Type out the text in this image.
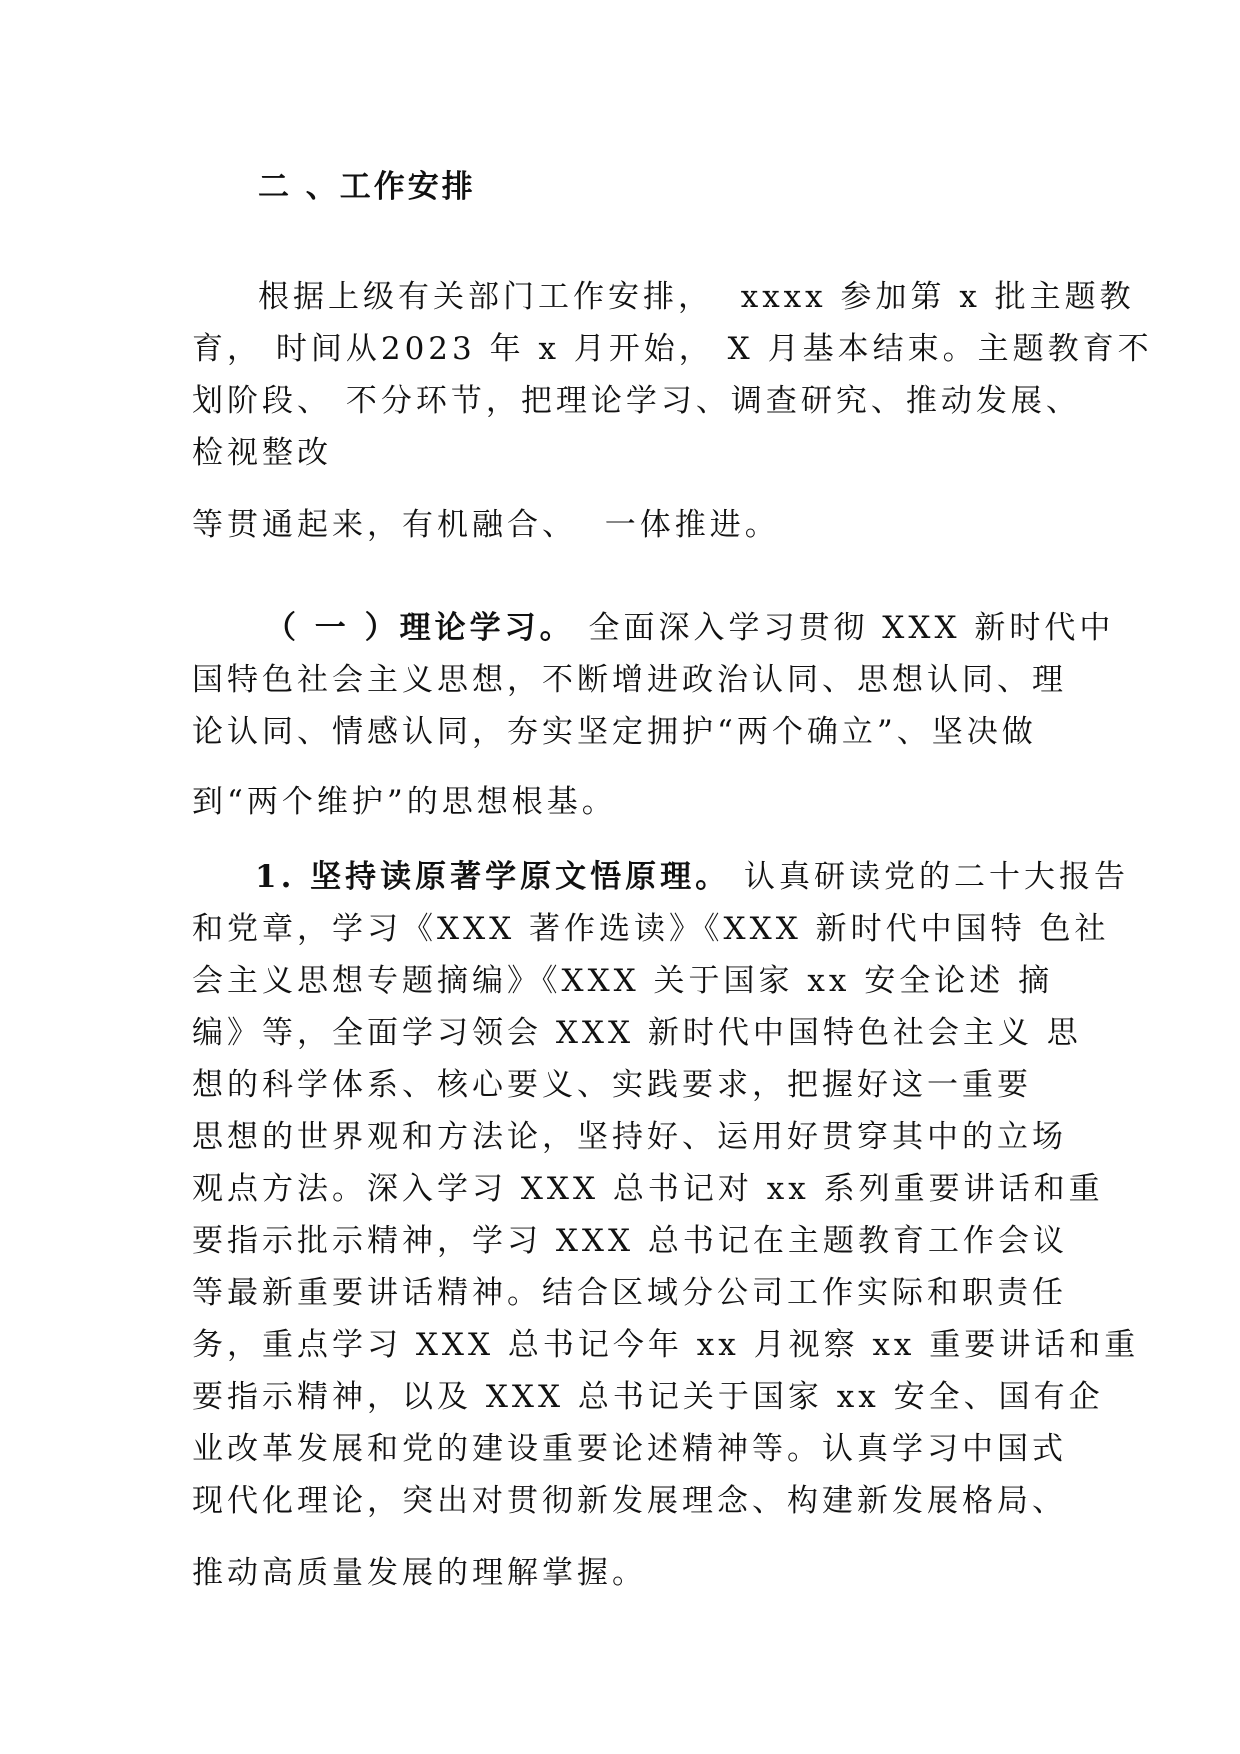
二 、工作安排
根据上级有关部门工作安排，  xxxx 参加第 x 批主题教
育， 时间从2023 年 x 月开始， X 月基本结束。主题教育不
划阶段、 不分环节，把理论学习、调查研究、推动发展、
检视整改
等贯通起来，有机融合、  一体推进。
（ 一 ）理论学习。 全面深入学习贯彻 XXX 新时代中
国特色社会主义思想，不断增进政治认同、思想认同、理
论认同、情感认同，夯实坚定拥护“两个确立”、坚决做
到“两个维护”的思想根基。
1. 坚持读原著学原文悟原理。 认真研读党的二十大报告
和党章，学习《XXX 著作选读》《XXX 新时代中国特 色社
会主义思想专题摘编》《XXX 关于国家 xx 安全论述 摘
编》等，全面学习领会 XXX 新时代中国特色社会主义 思
想的科学体系、核心要义、实践要求，把握好这一重要
思想的世界观和方法论，坚持好、运用好贯穿其中的立场
观点方法。深入学习 XXX 总书记对 xx 系列重要讲话和重
要指示批示精神，学习 XXX 总书记在主题教育工作会议
等最新重要讲话精神。结合区域分公司工作实际和职责任
务，重点学习 XXX 总书记今年 xx 月视察 xx 重要讲话和重
要指示精神，以及 XXX 总书记关于国家 xx 安全、国有企
业改革发展和党的建设重要论述精神等。认真学习中国式
现代化理论，突出对贯彻新发展理念、构建新发展格局、
推动高质量发展的理解掌握。
